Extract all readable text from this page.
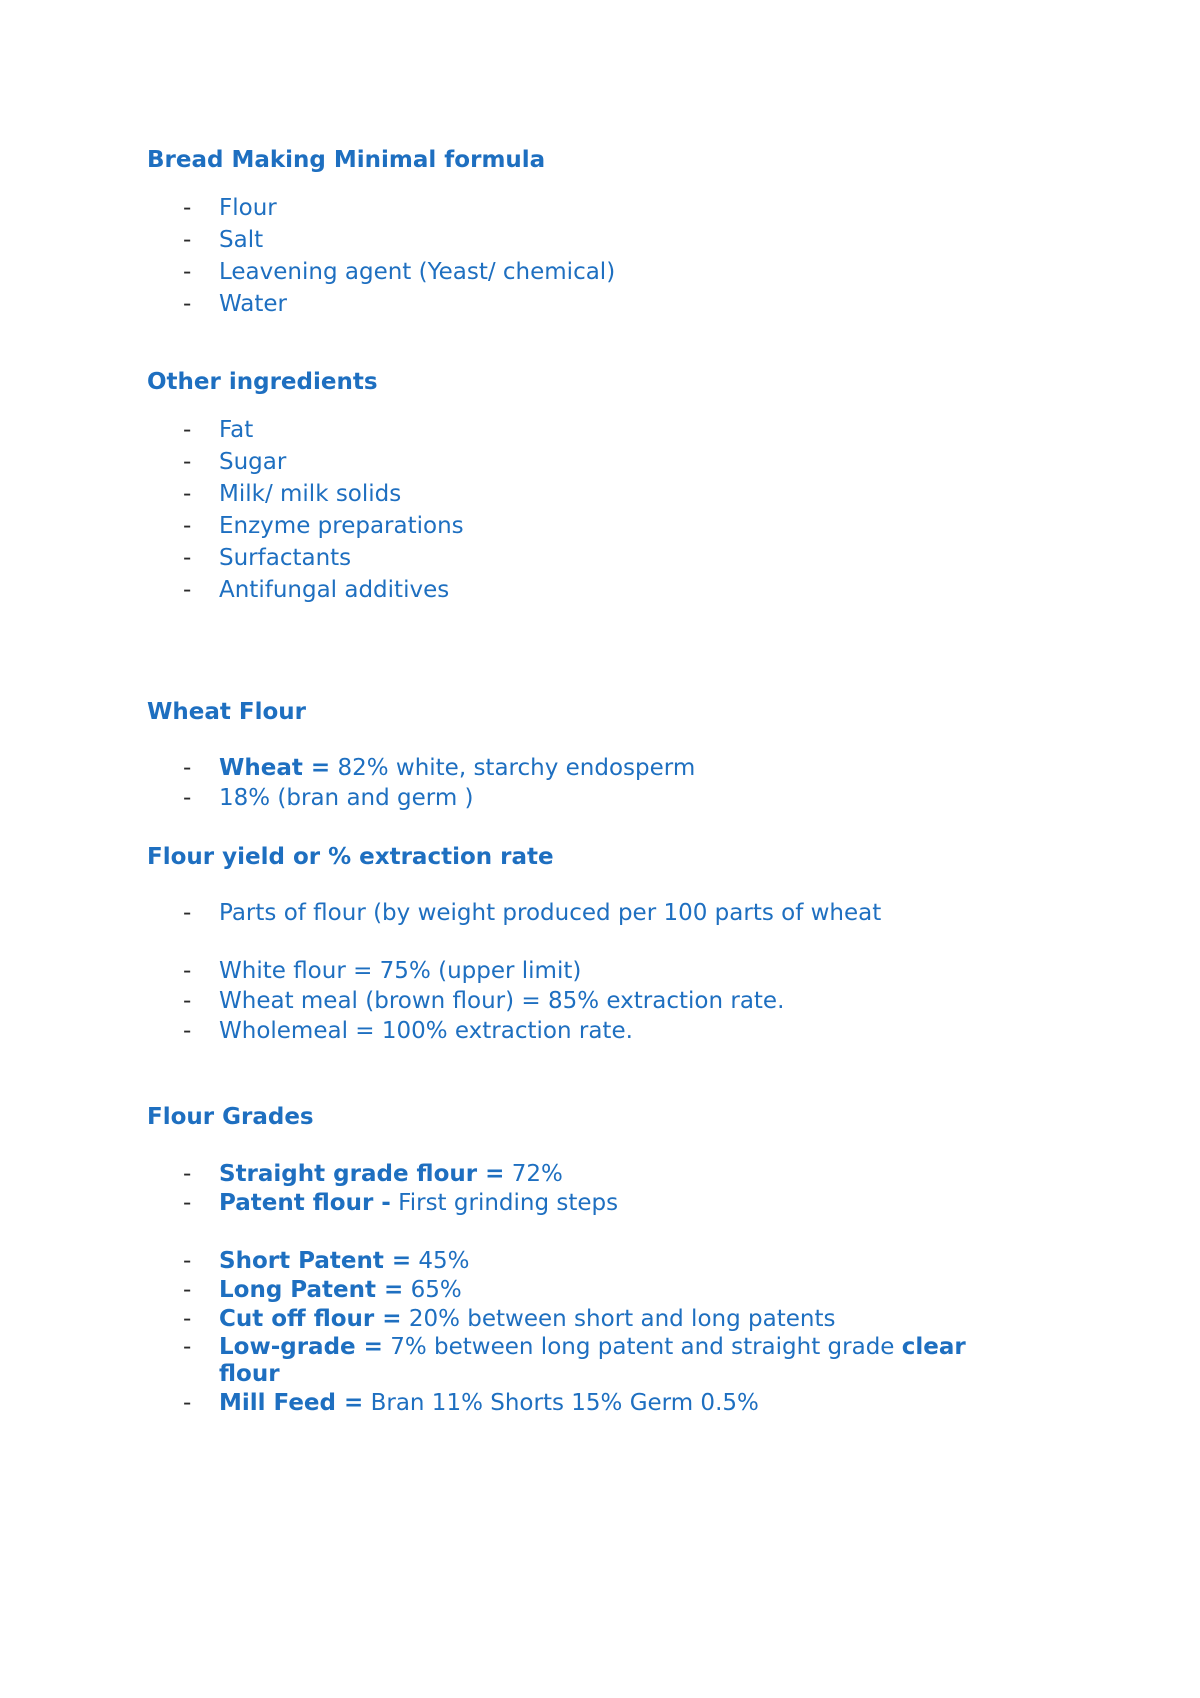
Bread Making Minimal formula
- Flour
- Salt
- Leavening agent (Yeast/ chemical)
- Water
Other ingredients
- Fat
- Sugar
- Milk/ milk solids
- Enzyme preparations
- Surfactants
- Antifungal additives
Wheat Flour
- Wheat = 82% white, starchy endosperm
- 18% (bran and germ )
Flour yield or % extraction rate
- Parts of flour (by weight produced per 100 parts of wheat
- White flour = 75% (upper limit)
- Wheat meal (brown flour) = 85% extraction rate.
- Wholemeal = 100% extraction rate.
Flour Grades
- Straight grade flour = 72%
- Patent flour - First grinding steps
- Short Patent = 45%
- Long Patent = 65%
- Cut off flour = 20% between short and long patents
- Low-grade = 7% between long patent and straight grade clear flour
- Mill Feed = Bran 11% Shorts 15% Germ 0.5%
